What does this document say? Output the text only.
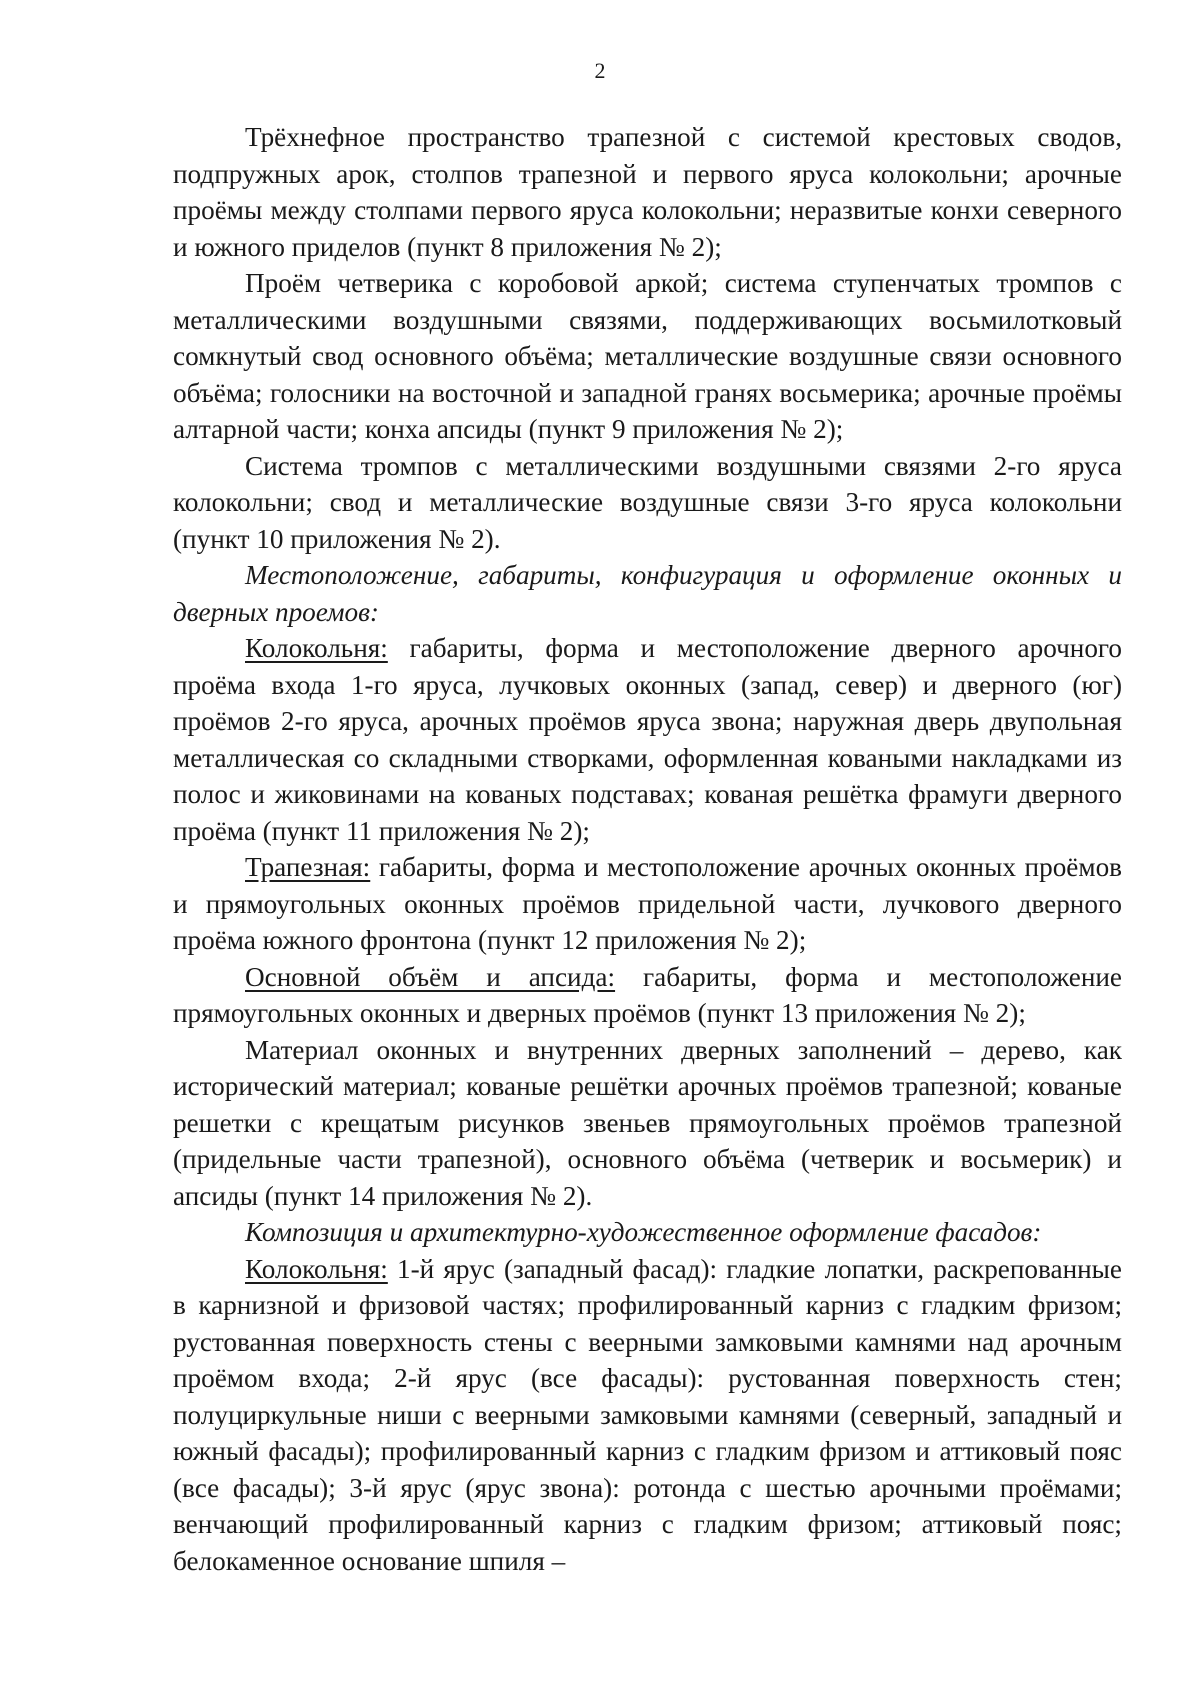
2

Трёхнефное пространство трапезной с системой крестовых сводов, подпружных арок, столпов трапезной и первого яруса колокольни; арочные проёмы между столпами первого яруса колокольни; неразвитые конхи северного и южного приделов (пункт 8 приложения № 2);

Проём четверика с коробовой аркой; система ступенчатых тромпов с металлическими воздушными связями, поддерживающих восьмилотковый сомкнутый свод основного объёма; металлические воздушные связи основного объёма; голосники на восточной и западной гранях восьмерика; арочные проёмы алтарной части; конха апсиды (пункт 9 приложения № 2);

Система тромпов с металлическими воздушными связями 2-го яруса колокольни; свод и металлические воздушные связи 3-го яруса колокольни (пункт 10 приложения № 2).

Местоположение, габариты, конфигурация и оформление оконных и дверных проемов:

Колокольня: габариты, форма и местоположение дверного арочного проёма входа 1-го яруса, лучковых оконных (запад, север) и дверного (юг) проёмов 2-го яруса, арочных проёмов яруса звона; наружная дверь двупольная металлическая со складными створками, оформленная коваными накладками из полос и жиковинами на кованых подставах; кованая решётка фрамуги дверного проёма (пункт 11 приложения № 2);

Трапезная: габариты, форма и местоположение арочных оконных проёмов и прямоугольных оконных проёмов придельной части, лучкового дверного проёма южного фронтона (пункт 12 приложения № 2);

Основной объём и апсида: габариты, форма и местоположение прямоугольных оконных и дверных проёмов (пункт 13 приложения № 2);

Материал оконных и внутренних дверных заполнений – дерево, как исторический материал; кованые решётки арочных проёмов трапезной; кованые решетки с крещатым рисунков звеньев прямоугольных проёмов трапезной (придельные части трапезной), основного объёма (четверик и восьмерик) и апсиды (пункт 14 приложения № 2).

Композиция и архитектурно-художественное оформление фасадов:

Колокольня: 1-й ярус (западный фасад): гладкие лопатки, раскрепованные в карнизной и фризовой частях; профилированный карниз с гладким фризом; рустованная поверхность стены с веерными замковыми камнями над арочным проёмом входа; 2-й ярус (все фасады): рустованная поверхность стен; полуциркульные ниши с веерными замковыми камнями (северный, западный и южный фасады); профилированный карниз с гладким фризом и аттиковый пояс (все фасады); 3-й ярус (ярус звона): ротонда с шестью арочными проёмами; венчающий профилированный карниз с гладким фризом; аттиковый пояс; белокаменное основание шпиля –
